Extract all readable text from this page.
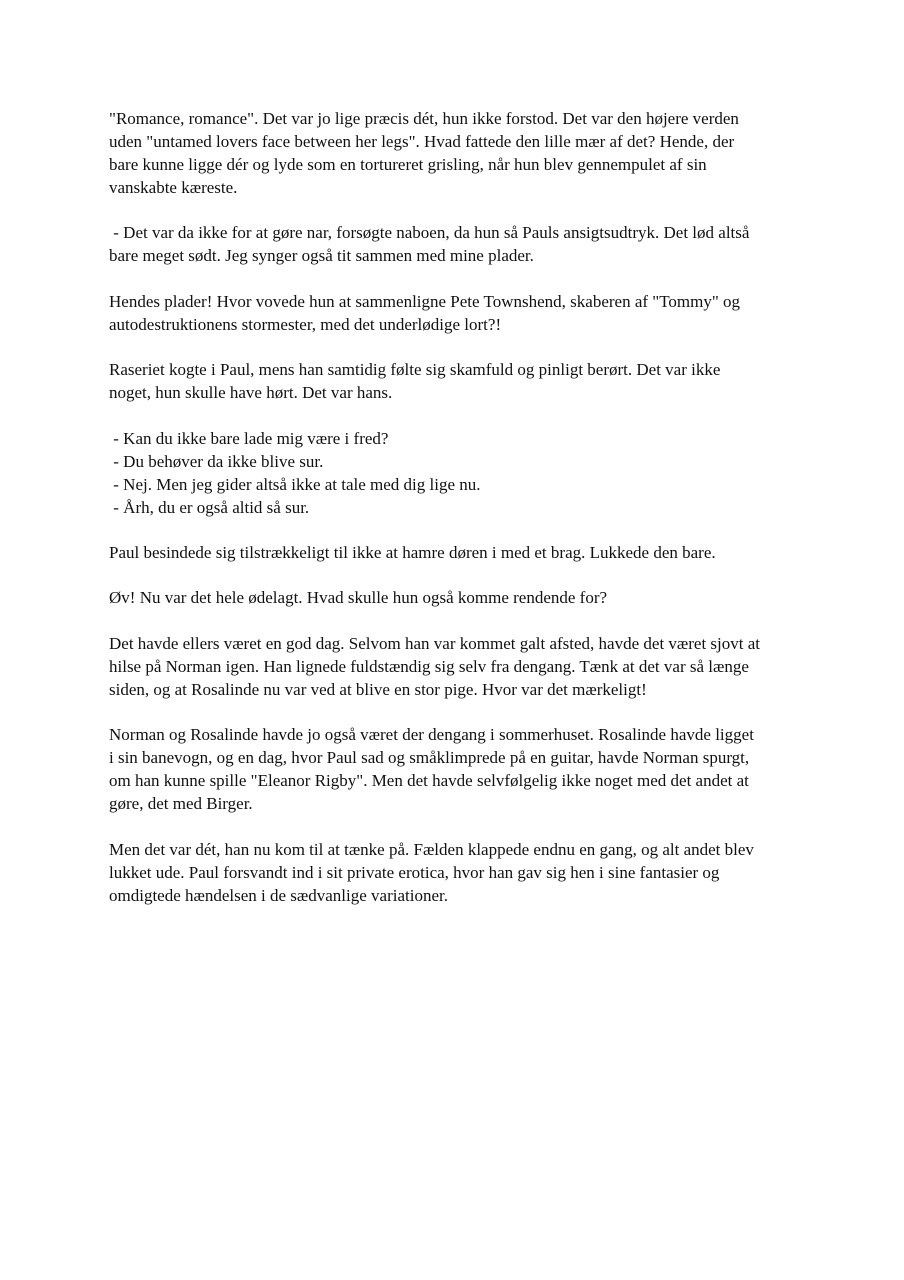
"Romance, romance". Det var jo lige præcis dét, hun ikke forstod. Det var den højere verden
uden "untamed lovers face between her legs". Hvad fattede den lille mær af det? Hende, der
bare kunne ligge dér og lyde som en tortureret grisling, når hun blev gennempulet af sin
vanskabte kæreste.
- Det var da ikke for at gøre nar, forsøgte naboen, da hun så Pauls ansigtsudtryk. Det lød altså
bare meget sødt. Jeg synger også tit sammen med mine plader.
Hendes plader! Hvor vovede hun at sammenligne Pete Townshend, skaberen af "Tommy" og
autodestruktionens stormester, med det underlødige lort?!
Raseriet kogte i Paul, mens han samtidig følte sig skamfuld og pinligt berørt. Det var ikke
noget, hun skulle have hørt. Det var hans.
- Kan du ikke bare lade mig være i fred?
- Du behøver da ikke blive sur.
- Nej. Men jeg gider altså ikke at tale med dig lige nu.
- Årh, du er også altid så sur.
Paul besindede sig tilstrækkeligt til ikke at hamre døren i med et brag. Lukkede den bare.
Øv! Nu var det hele ødelagt. Hvad skulle hun også komme rendende for?
Det havde ellers været en god dag. Selvom han var kommet galt afsted, havde det været sjovt at
hilse på Norman igen. Han lignede fuldstændig sig selv fra dengang. Tænk at det var så længe
siden, og at Rosalinde nu var ved at blive en stor pige. Hvor var det mærkeligt!
Norman og Rosalinde havde jo også været der dengang i sommerhuset. Rosalinde havde ligget
i sin banevogn, og en dag, hvor Paul sad og småklimprede på en guitar, havde Norman spurgt,
om han kunne spille "Eleanor Rigby". Men det havde selvfølgelig ikke noget med det andet at
gøre, det med Birger.
Men det var dét, han nu kom til at tænke på. Fælden klappede endnu en gang, og alt andet blev
lukket ude. Paul forsvandt ind i sit private erotica, hvor han gav sig hen i sine fantasier og
omdigtede hændelsen i de sædvanlige variationer.
